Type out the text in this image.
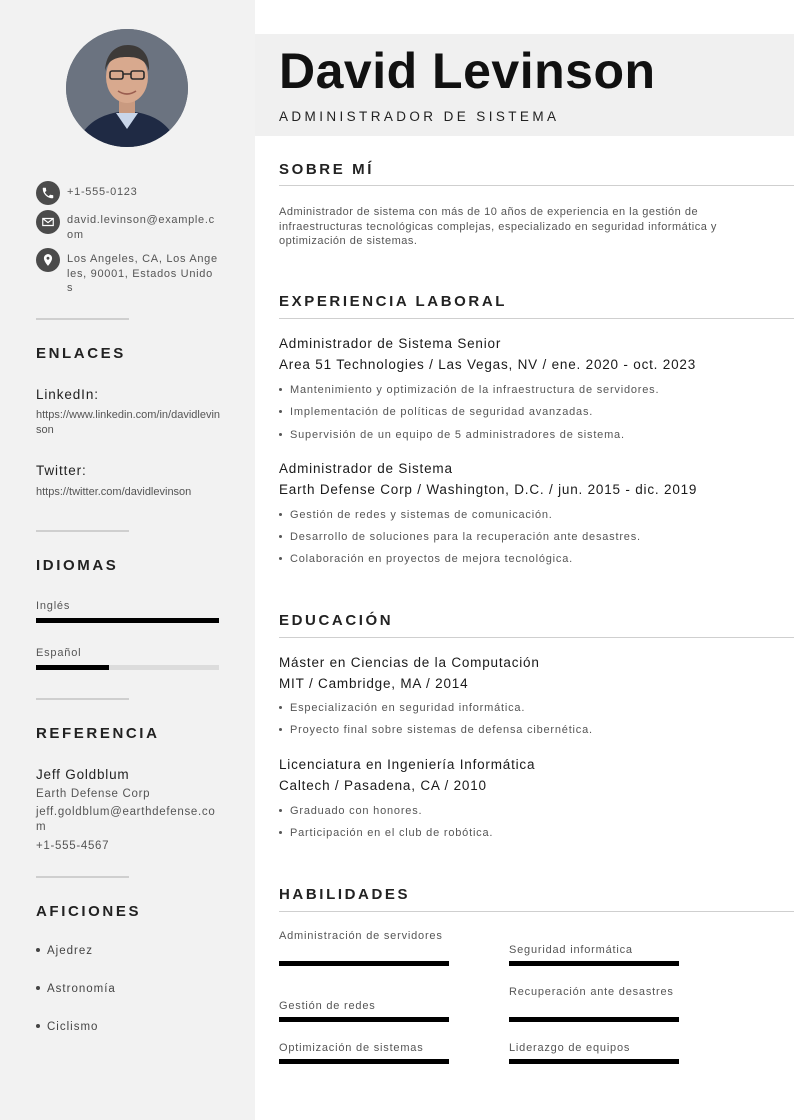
+1-555-0123
david.levinson@example.com
Los Angeles, CA, Los Angeles, 90001, Estados Unidos
ENLACES
LinkedIn:
https://www.linkedin.com/in/davidlevinson
Twitter:
https://twitter.com/davidlevinson
IDIOMAS
Inglés
Español
REFERENCIA
Jeff Goldblum
Earth Defense Corp
jeff.goldblum@earthdefense.com
+1-555-4567
AFICIONES
Ajedrez
Astronomía
Ciclismo
David Levinson
ADMINISTRADOR DE SISTEMA
SOBRE MÍ
Administrador de sistema con más de 10 años de experiencia en la gestión de infraestructuras tecnológicas complejas, especializado en seguridad informática y optimización de sistemas.
EXPERIENCIA LABORAL
Administrador de Sistema Senior
Area 51 Technologies / Las Vegas, NV / ene. 2020 - oct. 2023
Mantenimiento y optimización de la infraestructura de servidores.
Implementación de políticas de seguridad avanzadas.
Supervisión de un equipo de 5 administradores de sistema.
Administrador de Sistema
Earth Defense Corp / Washington, D.C. / jun. 2015 - dic. 2019
Gestión de redes y sistemas de comunicación.
Desarrollo de soluciones para la recuperación ante desastres.
Colaboración en proyectos de mejora tecnológica.
EDUCACIÓN
Máster en Ciencias de la Computación
MIT / Cambridge, MA / 2014
Especialización en seguridad informática.
Proyecto final sobre sistemas de defensa cibernética.
Licenciatura en Ingeniería Informática
Caltech / Pasadena, CA / 2010
Graduado con honores.
Participación en el club de robótica.
HABILIDADES
Administración de servidores
Seguridad informática
Gestión de redes
Recuperación ante desastres
Optimización de sistemas	Liderazgo de equipos
